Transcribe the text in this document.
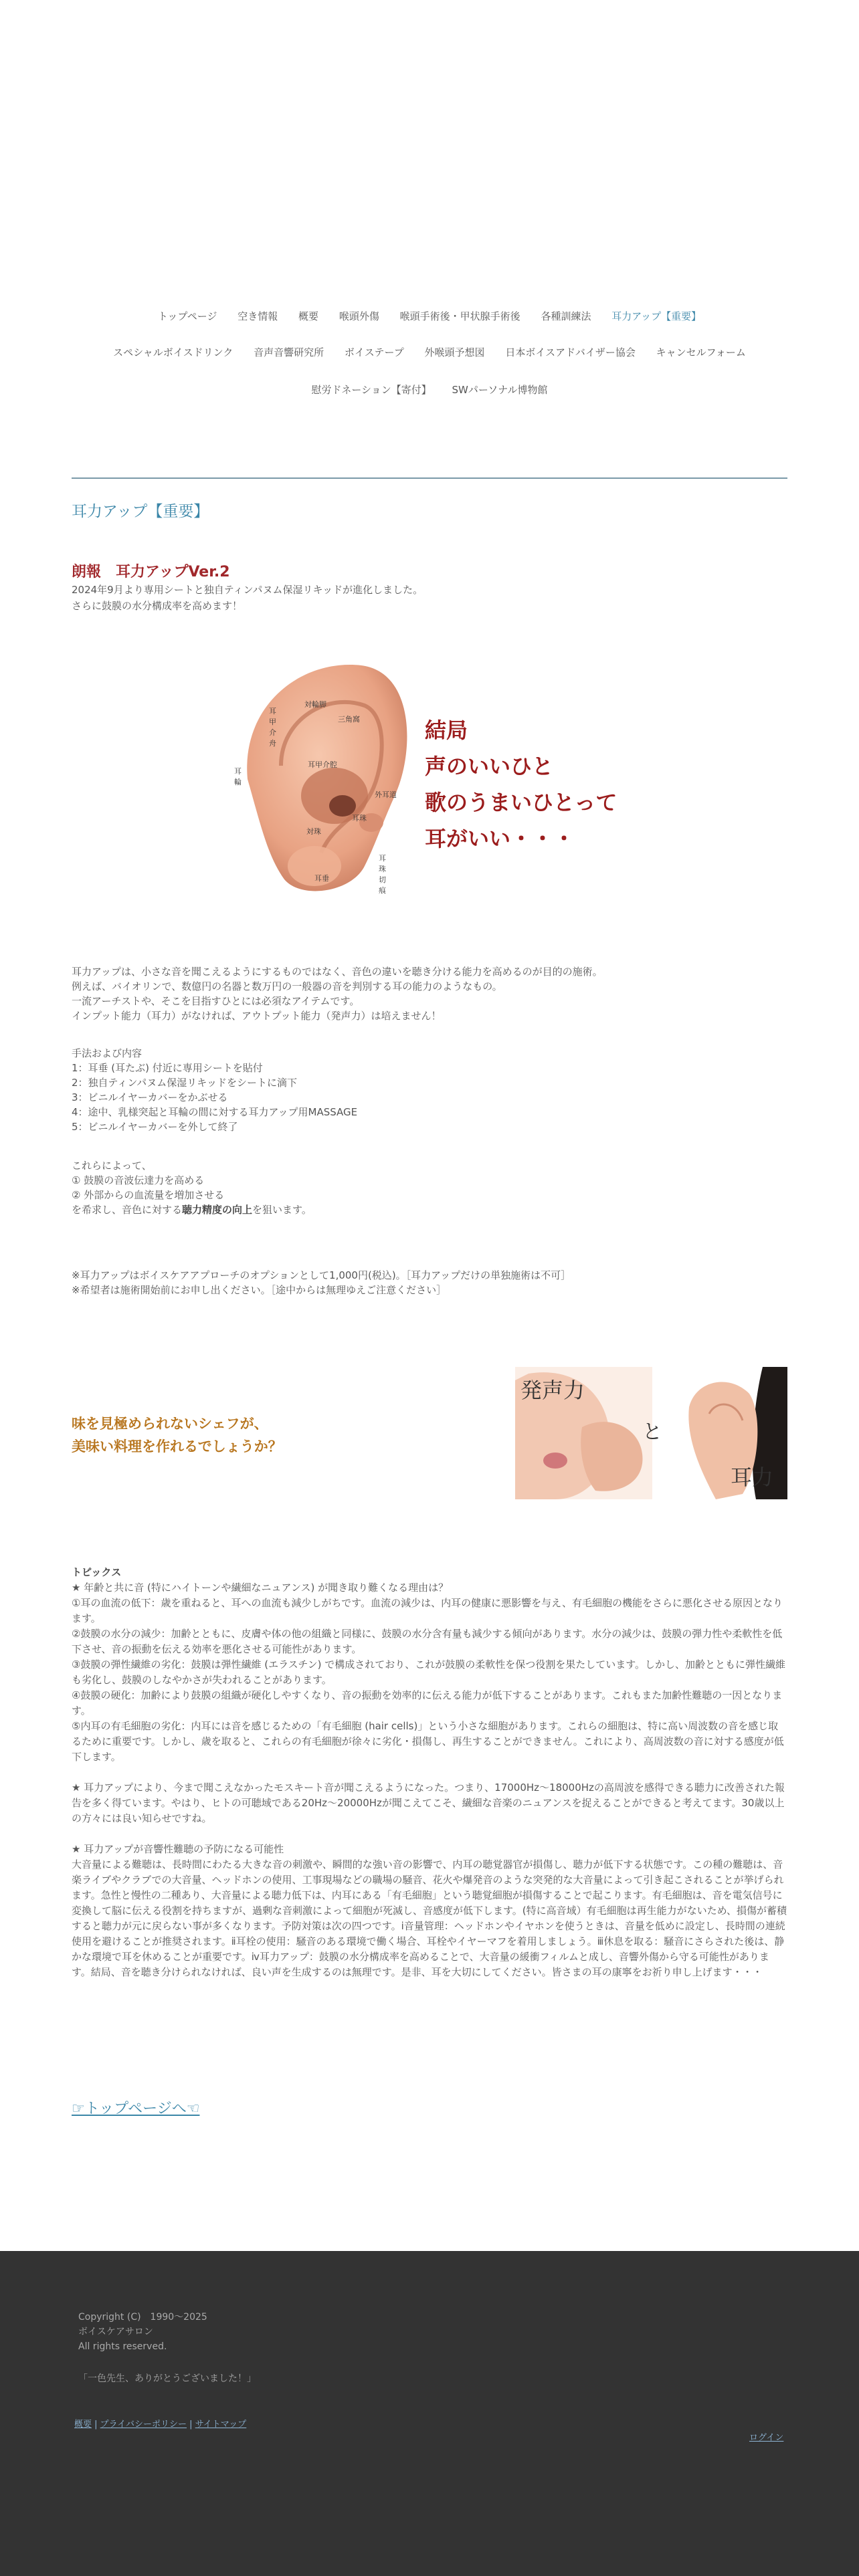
トップページ 空き情報 概要 喉頭外傷 喉頭手術後・甲状腺手術後 各種訓練法 耳力アップ【重要】
スペシャルボイスドリンク 音声音響研究所 ボイステープ 外喉頭予想図 日本ボイスアドバイザー協会 キャンセルフォーム
慰労ドネーション【寄付】 SWパーソナル博物館
耳力アップ【重要】
朗報　耳力アップVer.2
2024年9月より専用シートと独自ティンパヌム保湿リキッドが進化しました。
さらに鼓膜の水分構成率を高めます！
対輪脚
三角窩
耳甲介舟
耳輪
耳甲介腔
耳珠
外耳道
対珠
耳垂
耳珠切痕
結局
声のいいひと
歌のうまいひとって
耳がいい・・・

耳力アップは、小さな音を聞こえるようにするものではなく、音色の違いを聴き分ける能力を高めるのが目的の施術。

例えば、バイオリンで、数億円の名器と数万円の一般器の音を判別する耳の能力のようなもの。

一流アーチストや、そこを目指すひとには必須なアイテムです。

インプット能力（耳力）がなければ、アウトプット能力（発声力）は培えません！

手法および内容

1：耳垂 (耳たぶ) 付近に専用シートを貼付

2：独自ティンパヌム保湿リキッドをシートに滴下

3：ビニルイヤーカバーをかぶせる

4：途中、乳様突起と耳輪の間に対する耳力アップ用MASSAGE

5：ビニルイヤーカバーを外して終了

これらによって、

① 鼓膜の音波伝達力を高める

② 外部からの血流量を増加させる

を希求し、音色に対する聴力精度の向上を狙います。

※耳力アップはボイスケアアプローチのオプションとして1,000円(税込)。［耳力アップだけの単独施術は不可］

※希望者は施術開始前にお申し出ください。［途中からは無理ゆえご注意ください］

味を見極められないシェフが、
美味い料理を作れるでしょうか？
発声力
と
耳力

トピックス

★ 年齢と共に音 (特にハイトーンや繊細なニュアンス) が聞き取り難くなる理由は？

①耳の血流の低下：歳を重ねると、耳への血流も減少しがちです。血流の減少は、内耳の健康に悪影響を与え、有毛細胞の機能をさらに悪化させる原因となります。

②鼓膜の水分の減少：加齢とともに、皮膚や体の他の組織と同様に、鼓膜の水分含有量も減少する傾向があります。水分の減少は、鼓膜の弾力性や柔軟性を低下させ、音の振動を伝える効率を悪化させる可能性があります。

③鼓膜の弾性繊維の劣化：鼓膜は弾性繊維 (エラスチン) で構成されており、これが鼓膜の柔軟性を保つ役割を果たしています。しかし、加齢とともに弾性繊維も劣化し、鼓膜のしなやかさが失われることがあります。

④鼓膜の硬化：加齢により鼓膜の組織が硬化しやすくなり、音の振動を効率的に伝える能力が低下することがあります。これもまた加齢性難聴の一因となります。

⑤内耳の有毛細胞の劣化：内耳には音を感じるための「有毛細胞 (hair cells)」という小さな細胞があります。これらの細胞は、特に高い周波数の音を感じ取るために重要です。しかし、歳を取ると、これらの有毛細胞が徐々に劣化・損傷し、再生することができません。これにより、高周波数の音に対する感度が低下します。

★ 耳力アップにより、今まで聞こえなかったモスキート音が聞こえるようになった。つまり、17000Hz〜18000Hzの高周波を感得できる聴力に改善された報告を多く得ています。やはり、ヒトの可聴域である20Hz〜20000Hzが聞こえてこそ、繊細な音楽のニュアンスを捉えることができると考えてます。30歳以上の方々には良い知らせですね。

★ 耳力アップが音響性難聴の予防になる可能性

大音量による難聴は、長時間にわたる大きな音の刺激や、瞬間的な強い音の影響で、内耳の聴覚器官が損傷し、聴力が低下する状態です。この種の難聴は、音楽ライブやクラブでの大音量、ヘッドホンの使用、工事現場などの職場の騒音、花火や爆発音のような突発的な大音量によって引き起こされることが挙げられます。急性と慢性の二種あり、大音量による聴力低下は、内耳にある「有毛細胞」という聴覚細胞が損傷することで起こります。有毛細胞は、音を電気信号に変換して脳に伝える役割を持ちますが、過剰な音刺激によって細胞が死滅し、音感度が低下します。(特に高音域）有毛細胞は再生能力がないため、損傷が蓄積すると聴力が元に戻らない事が多くなります。予防対策は次の四つです。ⅰ音量管理：ヘッドホンやイヤホンを使うときは、音量を低めに設定し、長時間の連続使用を避けることが推奨されます。ⅱ耳栓の使用：騒音のある環境で働く場合、耳栓やイヤーマフを着用しましょう。ⅲ休息を取る：騒音にさらされた後は、静かな環境で耳を休めることが重要です。ⅳ耳力アップ：鼓膜の水分構成率を高めることで、大音量の緩衝フィルムと成し、音響外傷から守る可能性があります。結局、音を聴き分けられなければ、良い声を生成するのは無理です。是非、耳を大切にしてください。皆さまの耳の康寧をお祈り申し上げます・・・

☞トップページへ☜
Copyright (C)　1990〜2025
ボイスケアサロン
All rights reserved.
「一色先生、ありがとうございました！」
概要 | プライバシーポリシー | サイトマップ
ログイン
